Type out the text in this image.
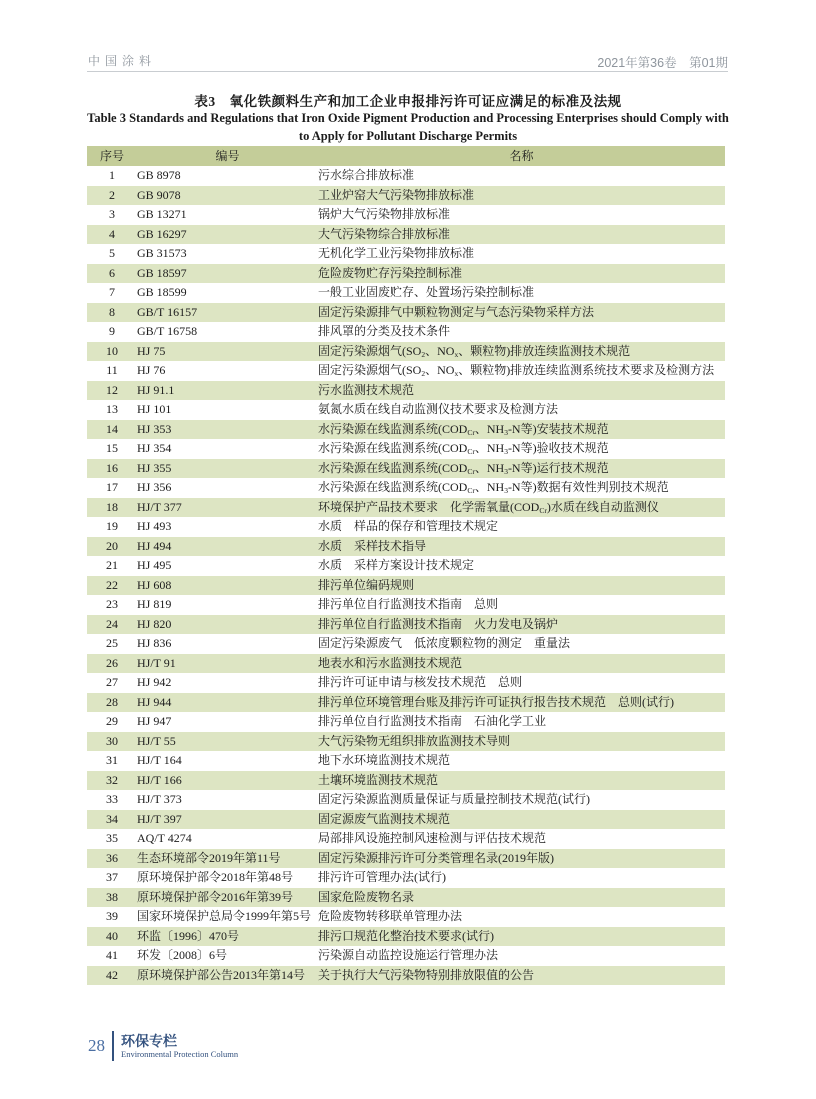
中国涂料	2021年第36卷　第01期
表3　氧化铁颜料生产和加工企业申报排污许可证应满足的标准及法规
Table 3 Standards and Regulations that Iron Oxide Pigment Production and Processing Enterprises should Comply with
to Apply for Pollutant Discharge Permits
序号	编号	名称
1	GB 8978	污水综合排放标准
2	GB 9078	工业炉窑大气污染物排放标准
3	GB 13271	锅炉大气污染物排放标准
4	GB 16297	大气污染物综合排放标准
5	GB 31573	无机化学工业污染物排放标准
6	GB 18597	危险废物贮存污染控制标准
7	GB 18599	一般工业固废贮存、处置场污染控制标准
8	GB/T 16157	固定污染源排气中颗粒物测定与气态污染物采样方法
9	GB/T 16758	排风罩的分类及技术条件
10	HJ 75	固定污染源烟气($SO_2$、$NO_x$、颗粒物)排放连续监测技术规范
11	HJ 76	固定污染源烟气($SO_2$、$NO_x$、颗粒物)排放连续监测系统技术要求及检测方法
12	HJ 91.1	污水监测技术规范
13	HJ 101	氨氮水质在线自动监测仪技术要求及检测方法
14	HJ 353	水污染源在线监测系统($COD_{Cr}$、$NH_3-N$等)安装技术规范
15	HJ 354	水污染源在线监测系统($COD_{Cr}$、$NH_3-N$等)验收技术规范
16	HJ 355	水污染源在线监测系统($COD_{Cr}$、$NH_3-N$等)运行技术规范
17	HJ 356	水污染源在线监测系统($COD_{Cr}$、$NH_3-N$等)数据有效性判别技术规范
18	HJ/T 377	环境保护产品技术要求　化学需氧量$(COD_{Cr})$水质在线自动监测仪
19	HJ 493	水质　样品的保存和管理技术规定
20	HJ 494	水质　采样技术指导
21	HJ 495	水质　采样方案设计技术规定
22	HJ 608	排污单位编码规则
23	HJ 819	排污单位自行监测技术指南　总则
24	HJ 820	排污单位自行监测技术指南　火力发电及锅炉
25	HJ 836	固定污染源废气　低浓度颗粒物的测定　重量法
26	HJ/T 91	地表水和污水监测技术规范
27	HJ 942	排污许可证申请与核发技术规范　总则
28	HJ 944	排污单位环境管理台账及排污许可证执行报告技术规范　总则(试行)
29	HJ 947	排污单位自行监测技术指南　石油化学工业
30	HJ/T 55	大气污染物无组织排放监测技术导则
31	HJ/T 164	地下水环境监测技术规范
32	HJ/T 166	土壤环境监测技术规范
33	HJ/T 373	固定污染源监测质量保证与质量控制技术规范(试行)
34	HJ/T 397	固定源废气监测技术规范
35	AQ/T 4274	局部排风设施控制风速检测与评估技术规范
36	生态环境部令2019年第11号	固定污染源排污许可分类管理名录(2019年版)
37	原环境保护部令2018年第48号	排污许可管理办法(试行)
38	原环境保护部令2016年第39号	国家危险废物名录
39	国家环境保护总局令1999年第5号 危险废物转移联单管理办法
40	环监〔1996〕470号	排污口规范化整治技术要求(试行)
41	环发〔2008〕6号	污染源自动监控设施运行管理办法
42	原环境保护部公告2013年第14号	关于执行大气污染物特别排放限值的公告
28 环保专栏
Environmental Protection Column
